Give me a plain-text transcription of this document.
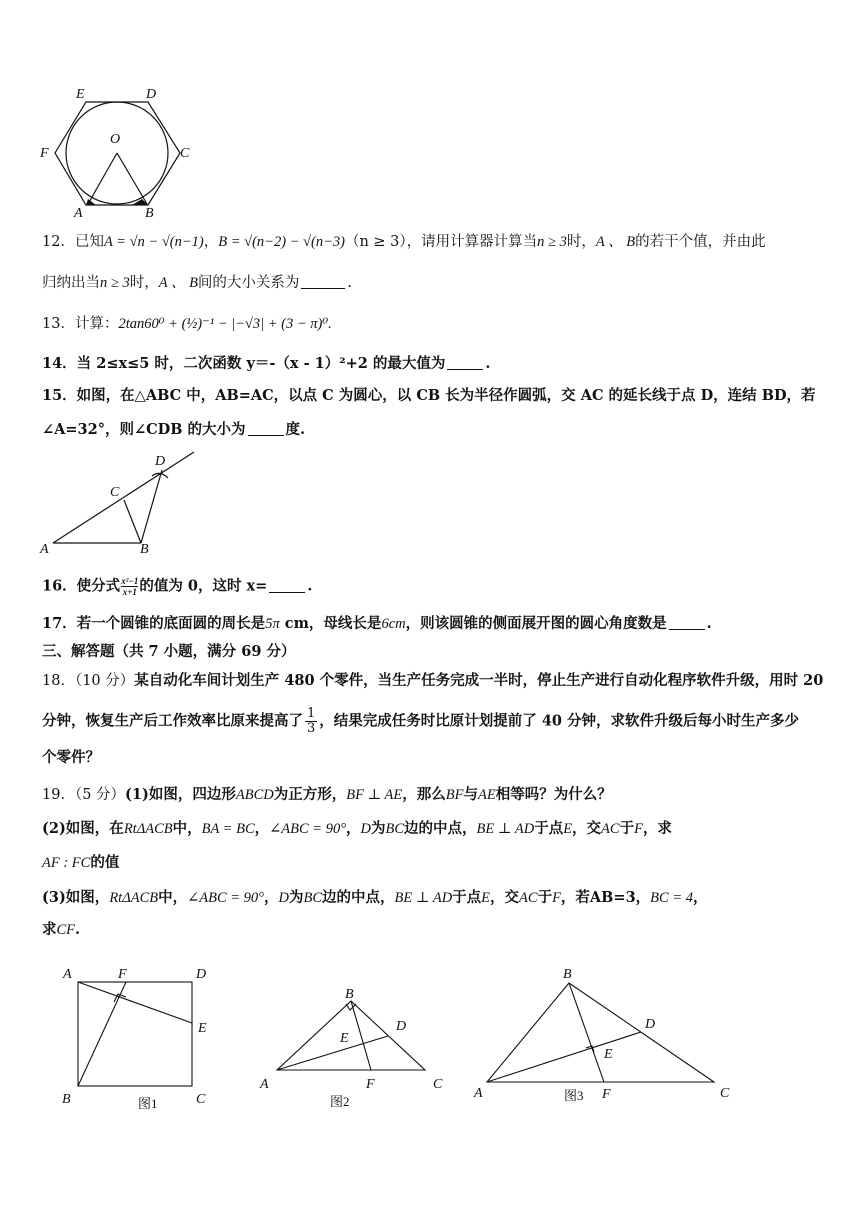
E	D
F
O
C
A	B
12．已知A = √n − √(n−1)，B = √(n−2) − √(n−3)（n ≥ 3），请用计算器计算当n ≥ 3时，A 、 B的若干个值，并由此
归纳出当n ≥ 3时，A 、 B间的大小关系为	.
13．计算：2tan60⁰ + (½)⁻¹ − |−√3| + (3 − π)⁰.
14．当 2≤x≤5 时，二次函数 y＝-（x - 1）²+2 的最大值为	.
15．如图，在△ABC 中，AB=AC，以点 C 为圆心，以 CB 长为半径作圆弧，交 AC 的延长线于点 D，连结 BD，若
∠A=32°，则∠CDB 的大小为	度.
D
C
A	B
16．使分式 $\frac{\text{x²−1}}{x+1}$ 的值为 0，这时 x=	.
17．若一个圆锥的底面圆的周长是5π cm，母线长是6cm，则该圆锥的侧面展开图的圆心角度数是	.
三、解答题（共 7 小题，满分 69 分）
18．（10 分）某自动化车间计划生产 480 个零件，当生产任务完成一半时，停止生产进行自动化程序软件升级，用时 20
分钟，恢复生产后工作效率比原来提高了 $\frac{1}{3}$ ，结果完成任务时比原计划提前了 40 分钟，求软件升级后每小时生产多少
个零件？
19．（5 分）(1)如图，四边形ABCD为正方形，BF ⊥ AE，那么BF与AE相等吗？为什么？
(2)如图，在RtΔACB中，BA = BC，∠ABC = 90°，D为BC边的中点，BE ⊥ AD于点E，交AC于F，求
AF : FC的值
(3)如图，RtΔACB中，∠ABC = 90°，D为BC边的中点，BE ⊥ AD于点E，交AC于F，若AB=3，BC = 4，
求CF.
A	F	D
E
B	C
图1
B
D
E
A	F	C
图2
B
D
E
A	F	C
图3
